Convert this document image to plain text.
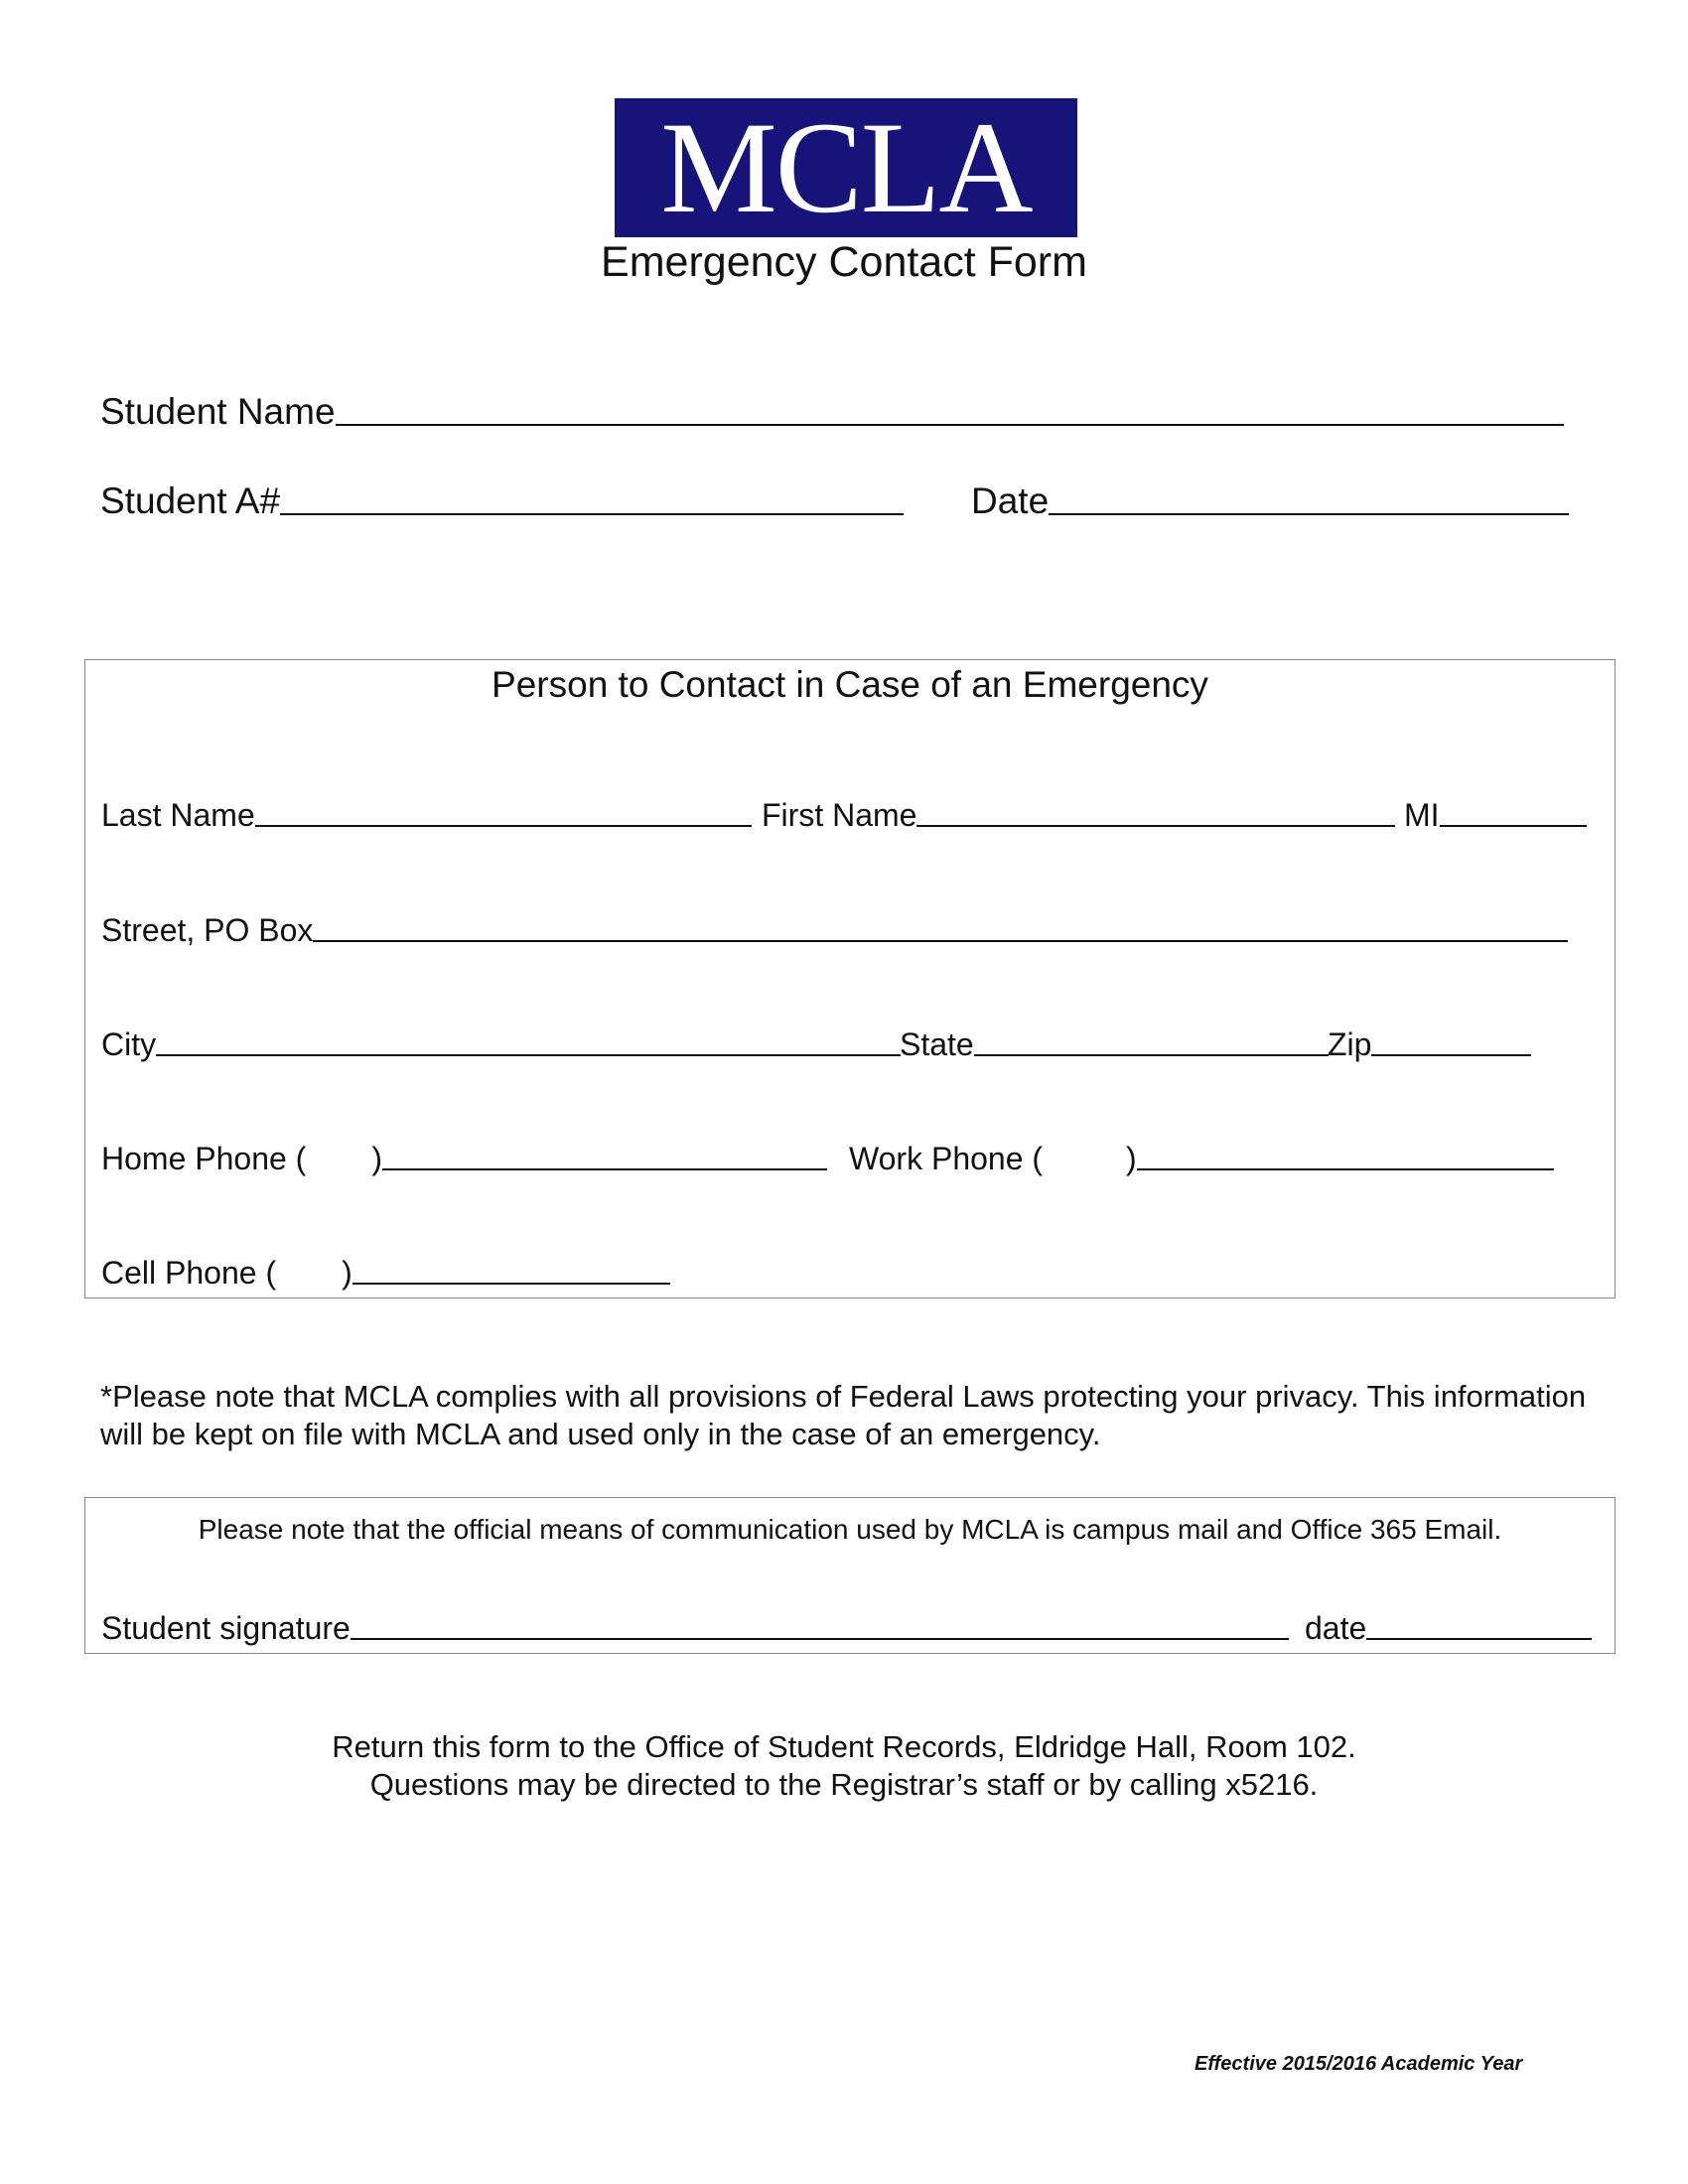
MCLA
Emergency Contact Form
Student Name
Student A#	Date
Person to Contact in Case of an Emergency
Last Name	First Name	MI
Street, PO Box
City	State	Zip
Home Phone ( )	Work Phone (	)
Cell Phone ( )
*Please note that MCLA complies with all provisions of Federal Laws protecting your privacy. This information will be kept on file with MCLA and used only in the case of an emergency.
Please note that the official means of communication used by MCLA is campus mail and Office 365 Email.
Student signature	date
Return this form to the Office of Student Records, Eldridge Hall, Room 102.
Questions may be directed to the Registrar’s staff or by calling x5216.
Effective 2015/2016 Academic Year
